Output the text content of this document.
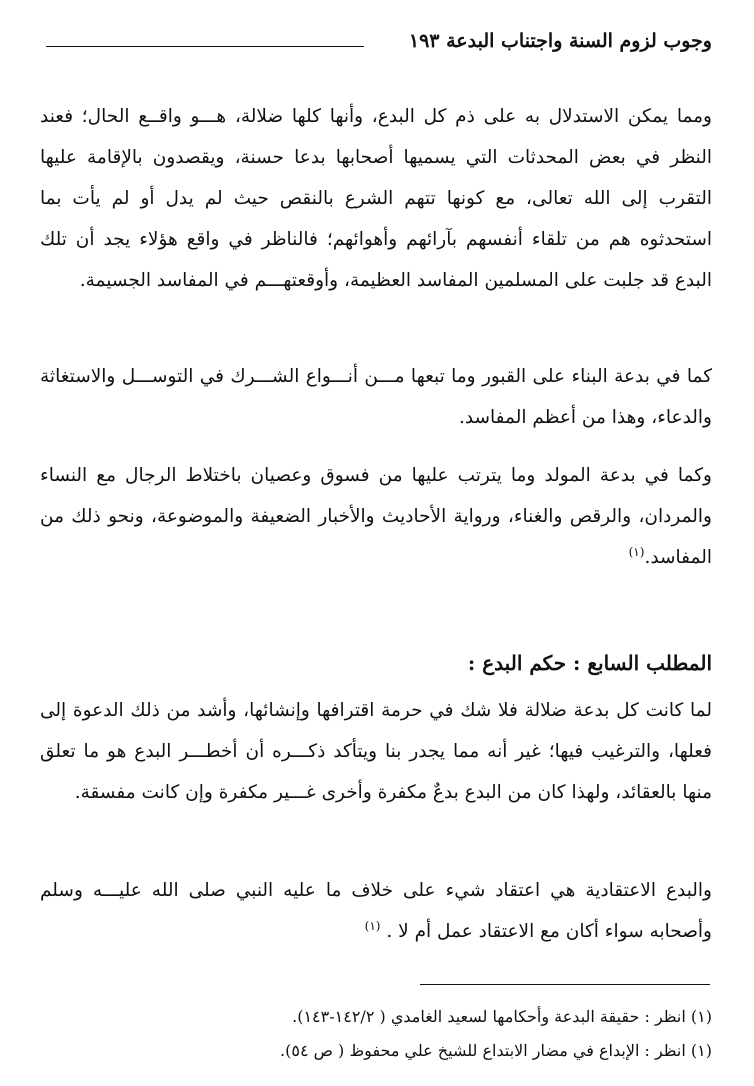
وجوب لزوم السنة واجتناب البدعة ١٩٣

ومما يمكن الاستدلال به على ذم كل البدع، وأنها كلها ضلالة، هـــو واقــع الحال؛ فعند النظر في بعض المحدثات التي يسميها أصحابها بدعا حسنة، ويقصدون بالإقامة عليها التقرب إلى الله تعالى، مع كونها تتهم الشرع بالنقص حيث لم يدل أو لم يأت بما استحدثوه هم من تلقاء أنفسهم بآرائهم وأهوائهم؛ فالناظر في واقع هؤلاء يجد أن تلك البدع قد جلبت على المسلمين المفاسد العظيمة، وأوقعتهـــم في المفاسد الجسيمة.

كما في بدعة البناء على القبور وما تبعها مـــن أنـــواع الشـــرك في التوســـل والاستغاثة والدعاء، وهذا من أعظم المفاسد.

وكما في بدعة المولد وما يترتب عليها من فسوق وعصيان باختلاط الرجال مع النساء والمردان، والرقص والغناء، ورواية الأحاديث والأخبار الضعيفة والموضوعة، ونحو ذلك من المفاسد.$^{(١)}$

المطلب السابع : حكم البدع :

لما كانت كل بدعة ضلالة فلا شك في حرمة اقترافها وإنشائها، وأشد من ذلك الدعوة إلى فعلها، والترغيب فيها؛ غير أنه مما يجدر بنا ويتأكد ذكـــره أن أخطـــر البدع هو ما تعلق منها بالعقائد، ولهذا كان من البدع بدعٌ مكفرة وأخرى غـــير مكفرة وإن كانت مفسقة.

والبدع الاعتقادية هي اعتقاد شيء على خلاف ما عليه النبي صلى الله عليـــه وسلم وأصحابه سواء أكان مع الاعتقاد عمل أم لا . $^{(١)}$

(١) انظر : حقيقة البدعة وأحكامها لسعيد الغامدي ( ١٤٢/٢-١٤٣).

(١) انظر : الإبداع في مضار الابتداع للشيخ علي محفوظ ( ص ٥٤).
